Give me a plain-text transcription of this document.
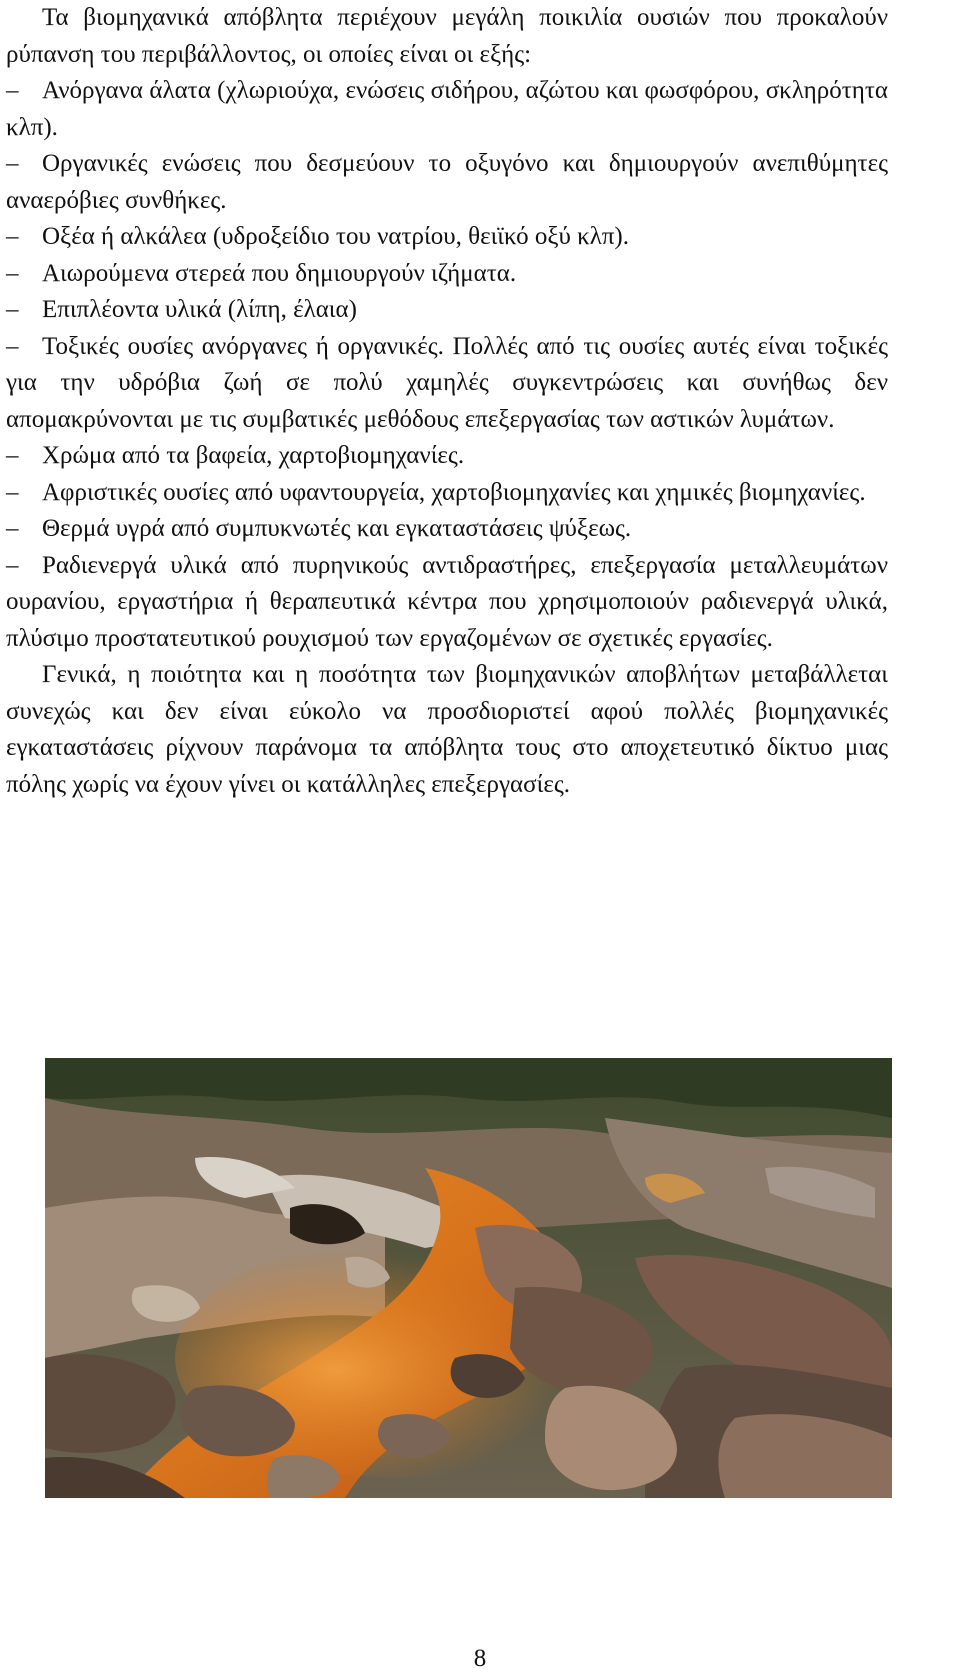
Τα βιομηχανικά απόβλητα περιέχουν μεγάλη ποικιλία ουσιών που προκαλούν ρύπανση του περιβάλλοντος, οι οποίες είναι οι εξής:

– Ανόργανα άλατα (χλωριούχα, ενώσεις σιδήρου, αζώτου και φωσφόρου, σκληρότητα κλπ).

– Οργανικές ενώσεις που δεσμεύουν το οξυγόνο και δημιουργούν ανεπιθύμητες αναερόβιες συνθήκες.

– Οξέα ή αλκάλεα (υδροξείδιο του νατρίου, θειϊκό οξύ κλπ).

– Αιωρούμενα στερεά που δημιουργούν ιζήματα.

– Επιπλέοντα υλικά (λίπη, έλαια)

– Τοξικές ουσίες ανόργανες ή οργανικές. Πολλές από τις ουσίες αυτές είναι τοξικές για την υδρόβια ζωή σε πολύ χαμηλές συγκεντρώσεις και συνήθως δεν απομακρύνονται με τις συμβατικές μεθόδους επεξεργασίας των αστικών λυμάτων.

– Χρώμα από τα βαφεία, χαρτοβιομηχανίες.

– Αφριστικές ουσίες από υφαντουργεία, χαρτοβιομηχανίες και χημικές βιομηχανίες.

– Θερμά υγρά από συμπυκνωτές και εγκαταστάσεις ψύξεως.

– Ραδιενεργά υλικά από πυρηνικούς αντιδραστήρες, επεξεργασία μεταλλευμάτων ουρανίου, εργαστήρια ή θεραπευτικά κέντρα που χρησιμοποιούν ραδιενεργά υλικά, πλύσιμο προστατευτικού ρουχισμού των εργαζομένων σε σχετικές εργασίες.

Γενικά, η ποιότητα και η ποσότητα των βιομηχανικών αποβλήτων μεταβάλλεται συνεχώς και δεν είναι εύκολο να προσδιοριστεί αφού πολλές βιομηχανικές εγκαταστάσεις ρίχνουν παράνομα τα απόβλητα τους στο αποχετευτικό δίκτυο μιας πόλης χωρίς να έχουν γίνει οι κατάλληλες επεξεργασίες.

8
